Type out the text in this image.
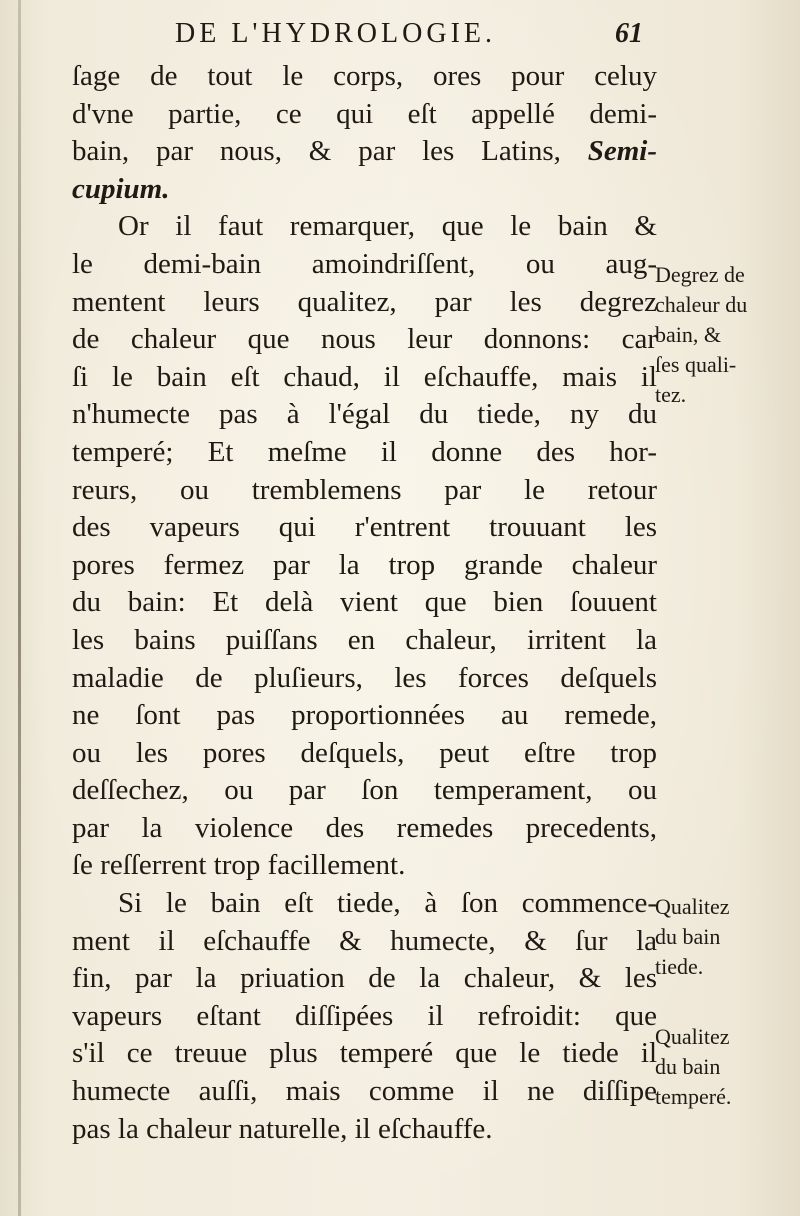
DE L'HYDROLOGIE.	61
ſage de tout le corps, ores pour celuy
d'vne partie, ce qui eſt appellé demi-
bain, par nous, & par les Latins, Semi-
cupium.
Or il faut remarquer, que le bain &
le demi-bain amoindriſſent, ou aug-
mentent leurs qualitez, par les degrez
de chaleur que nous leur donnons: car
ſi le bain eſt chaud, il eſchauffe, mais il
n'humecte pas à l'égal du tiede, ny du
temperé; Et meſme il donne des hor-
reurs, ou tremblemens par le retour
des vapeurs qui r'entrent trouuant les
pores fermez par la trop grande chaleur
du bain: Et delà vient que bien ſouuent
les bains puiſſans en chaleur, irritent la
maladie de pluſieurs, les forces deſquels
ne ſont pas proportionnées au remede,
ou les pores deſquels, peut eſtre trop
deſſechez, ou par ſon temperament, ou
par la violence des remedes precedents,
ſe reſſerrent trop facillement.
Si le bain eſt tiede, à ſon commence-
ment il eſchauffe & humecte, & ſur la
fin, par la priuation de la chaleur, & les
vapeurs eſtant diſſipées il refroidit: que
s'il ce treuue plus temperé que le tiede il
humecte auſſi, mais comme il ne diſſipe
pas la chaleur naturelle, il eſchauffe.
Degrez de
chaleur du
bain, &
ſes quali-
tez.
Qualitez
du bain
tiede.
Qualitez
du bain
temperé.
